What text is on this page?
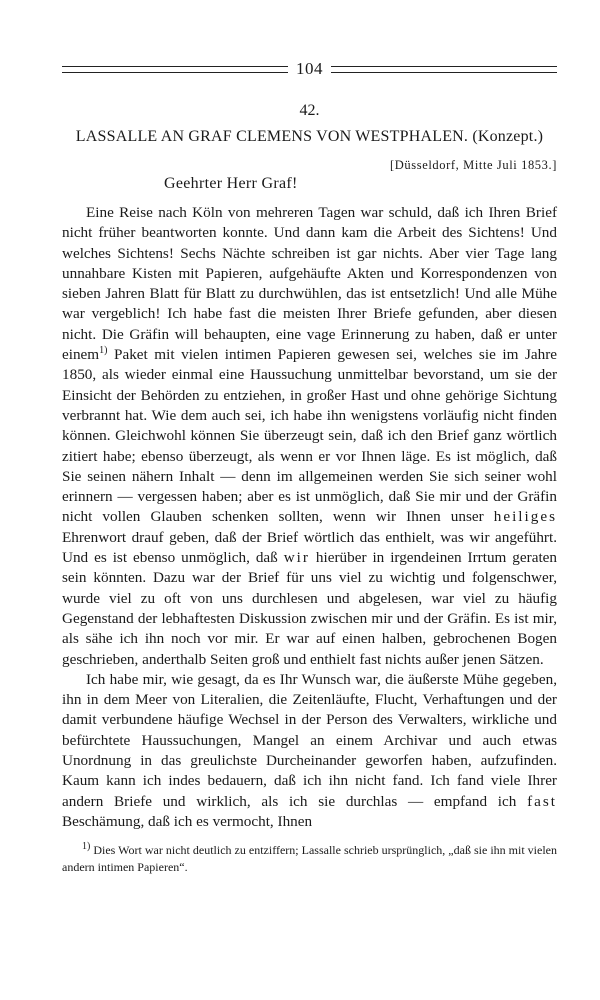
104
42.
LASSALLE AN GRAF CLEMENS VON WESTPHALEN. (Konzept.)
[Düsseldorf, Mitte Juli 1853.]
Geehrter Herr Graf!

Eine Reise nach Köln von mehreren Tagen war schuld, daß ich Ihren Brief nicht früher beantworten konnte. Und dann kam die Arbeit des Sichtens! Und welches Sichtens! Sechs Nächte schreiben ist gar nichts. Aber vier Tage lang unnahbare Kisten mit Papieren, aufgehäufte Akten und Korrespondenzen von sieben Jahren Blatt für Blatt zu durchwühlen, das ist entsetzlich! Und alle Mühe war vergeblich! Ich habe fast die meisten Ihrer Briefe gefunden, aber diesen nicht. Die Gräfin will behaupten, eine vage Erinnerung zu haben, daß er unter einem$^{1)}$ Paket mit vielen intimen Papieren gewesen sei, welches sie im Jahre 1850, als wieder einmal eine Haussuchung unmittelbar bevorstand, um sie der Einsicht der Behörden zu entziehen, in großer Hast und ohne gehörige Sichtung verbrannt hat. Wie dem auch sei, ich habe ihn wenigstens vorläufig nicht finden können. Gleichwohl können Sie überzeugt sein, daß ich den Brief ganz wörtlich zitiert habe; ebenso überzeugt, als wenn er vor Ihnen läge. Es ist möglich, daß Sie seinen nähern Inhalt — denn im allgemeinen werden Sie sich seiner wohl erinnern — vergessen haben; aber es ist unmöglich, daß Sie mir und der Gräfin nicht vollen Glauben schenken sollten, wenn wir Ihnen unser heiliges Ehrenwort drauf geben, daß der Brief wörtlich das enthielt, was wir angeführt. Und es ist ebenso unmöglich, daß wir hierüber in irgendeinen Irrtum geraten sein könnten. Dazu war der Brief für uns viel zu wichtig und folgenschwer, wurde viel zu oft von uns durchlesen und abgelesen, war viel zu häufig Gegenstand der lebhaftesten Diskussion zwischen mir und der Gräfin. Es ist mir, als sähe ich ihn noch vor mir. Er war auf einen halben, gebrochenen Bogen geschrieben, anderthalb Seiten groß und enthielt fast nichts außer jenen Sätzen.

Ich habe mir, wie gesagt, da es Ihr Wunsch war, die äußerste Mühe gegeben, ihn in dem Meer von Literalien, die Zeitenläufte, Flucht, Verhaftungen und der damit verbundene häufige Wechsel in der Person des Verwalters, wirkliche und befürchtete Haussuchungen, Mangel an einem Archivar und auch etwas Unordnung in das greulichste Durcheinander geworfen haben, aufzufinden. Kaum kann ich indes bedauern, daß ich ihn nicht fand. Ich fand viele Ihrer andern Briefe und wirklich, als ich sie durchlas — empfand ich fast Beschämung, daß ich es vermocht, Ihnen

$^{1)}$ Dies Wort war nicht deutlich zu entziffern; Lassalle schrieb ursprünglich, „daß sie ihn mit vielen andern intimen Papieren“.
